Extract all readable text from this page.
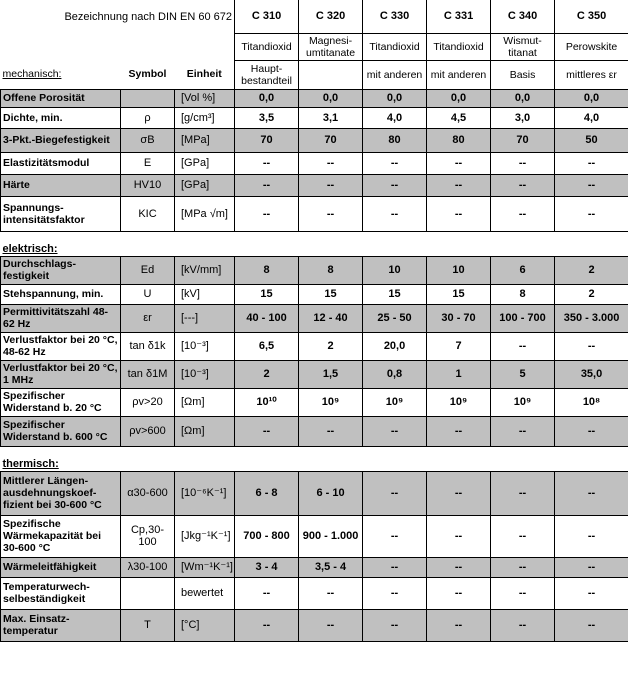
Bezeichnung nach DIN EN 60 672			C 310	C 320	C 330	C 331	C 340	C 350
			Titandioxid	Magnesi-umtitanate	Titandioxid	Titandioxid	Wismut-titanat	Perowskite
mechanisch:	Symbol	Einheit	Haupt-bestandteil		mit anderen	mit anderen	Basis	mittleres εr
Offene Porosität		[Vol %]	0,0	0,0	0,0	0,0	0,0	0,0
Dichte, min.	ρ	[g/cm³]	3,5	3,1	4,0	4,5	3,0	4,0
3-Pkt.-Biegefestigkeit	σB	[MPa]	70	70	80	80	70	50
Elastizitätsmodul	E	[GPa]	--	--	--	--	--	--
Härte	HV10	[GPa]	--	--	--	--	--	--
Spannungs-intensitätsfaktor	KIC	[MPa √m]	--	--	--	--	--	--

elektrisch:								
Durchschlags-festigkeit	Ed	[kV/mm]	8	8	10	10	6	2
Stehspannung, min.	U	[kV]	15	15	15	15	8	2
Permittivitätszahl 48-62 Hz	εr	[---]	40 - 100	12 - 40	25 - 50	30 - 70	100 - 700	350 - 3.000
Verlustfaktor bei 20 °C, 48-62 Hz	tan δ1k	[10⁻³]	6,5	2	20,0	7	--	--
Verlustfaktor bei 20 °C, 1 MHz	tan δ1M	[10⁻³]	2	1,5	0,8	1	5	35,0
Spezifischer Widerstand b. 20 °C	ρv>20	[Ωm]	10¹⁰	10⁹	10⁹	10⁹	10⁹	10⁸
Spezifischer Widerstand b. 600 °C	ρv>600	[Ωm]	--	--	--	--	--	--

thermisch:								
Mittlerer Längen-ausdehnungskoef-fizient bei 30-600 °C	α30-600	[10⁻⁶K⁻¹]	6 - 8	6 - 10	--	--	--	--
Spezifische Wärmekapazität bei 30-600 °C	Cp,30-100	[Jkg⁻¹K⁻¹]	700 - 800	900 - 1.000	--	--	--	--
Wärmeleitfähigkeit	λ30-100	[Wm⁻¹K⁻¹]	3 - 4	3,5 - 4	--	--	--	--
Temperaturwech-selbeständigkeit		bewertet	--	--	--	--	--	--
Max. Einsatz-temperatur	T	[°C]	--	--	--	--	--	--
